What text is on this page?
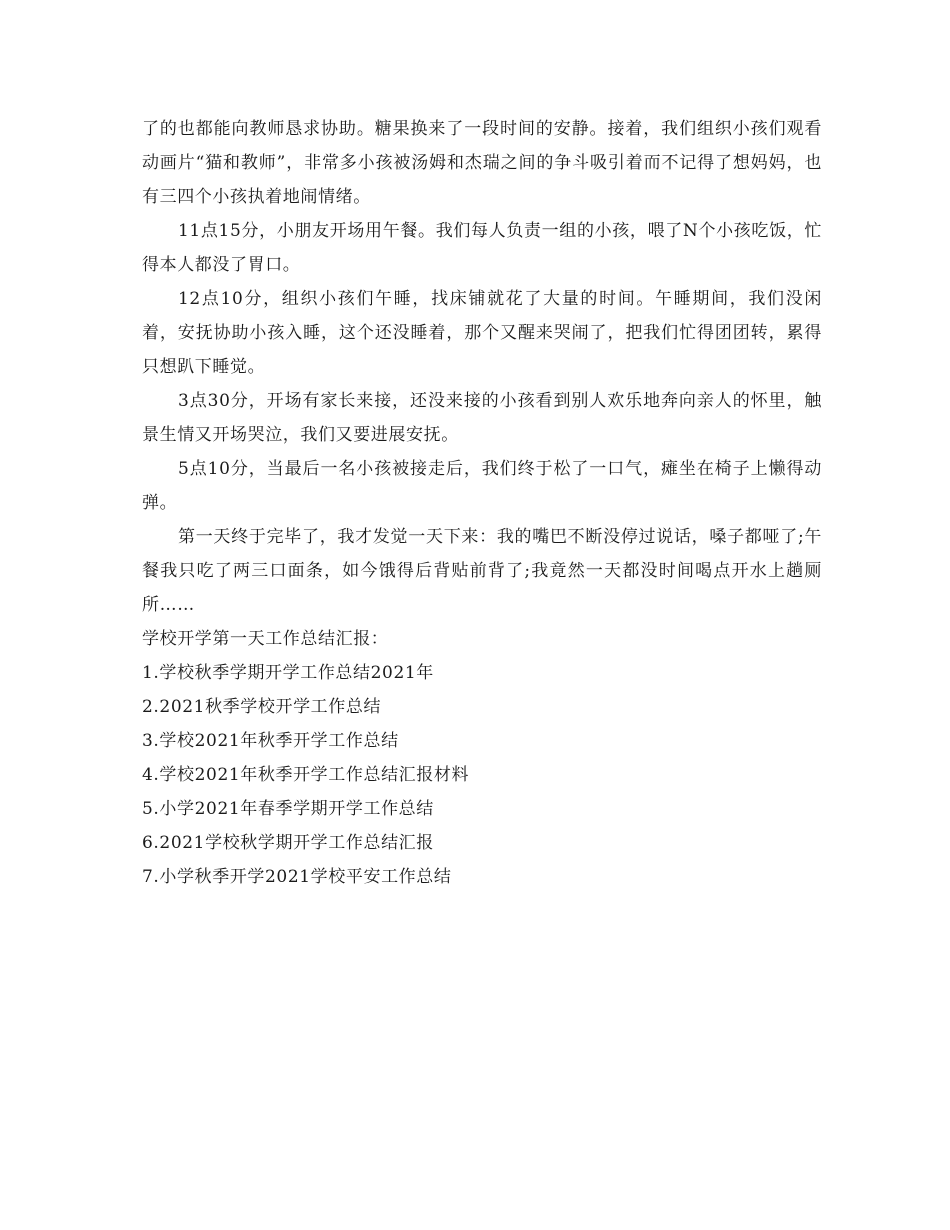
了的也都能向教师恳求协助。糖果换来了一段时间的安静。接着，我们组织小孩们观看动画片“猫和教师”，非常多小孩被汤姆和杰瑞之间的争斗吸引着而不记得了想妈妈，也有三四个小孩执着地闹情绪。

11点15分，小朋友开场用午餐。我们每人负责一组的小孩，喂了N个小孩吃饭，忙得本人都没了胃口。

12点10分，组织小孩们午睡，找床铺就花了大量的时间。午睡期间，我们没闲着，安抚协助小孩入睡，这个还没睡着，那个又醒来哭闹了，把我们忙得团团转，累得只想趴下睡觉。

3点30分，开场有家长来接，还没来接的小孩看到别人欢乐地奔向亲人的怀里，触景生情又开场哭泣，我们又要进展安抚。

5点10分，当最后一名小孩被接走后，我们终于松了一口气，瘫坐在椅子上懒得动弹。

第一天终于完毕了，我才发觉一天下来：我的嘴巴不断没停过说话，嗓子都哑了;午餐我只吃了两三口面条，如今饿得后背贴前背了;我竟然一天都没时间喝点开水上趟厕所……

学校开学第一天工作总结汇报：

1.学校秋季学期开学工作总结2021年
2.2021秋季学校开学工作总结
3.学校2021年秋季开学工作总结
4.学校2021年秋季开学工作总结汇报材料
5.小学2021年春季学期开学工作总结
6.2021学校秋学期开学工作总结汇报
7.小学秋季开学2021学校平安工作总结
